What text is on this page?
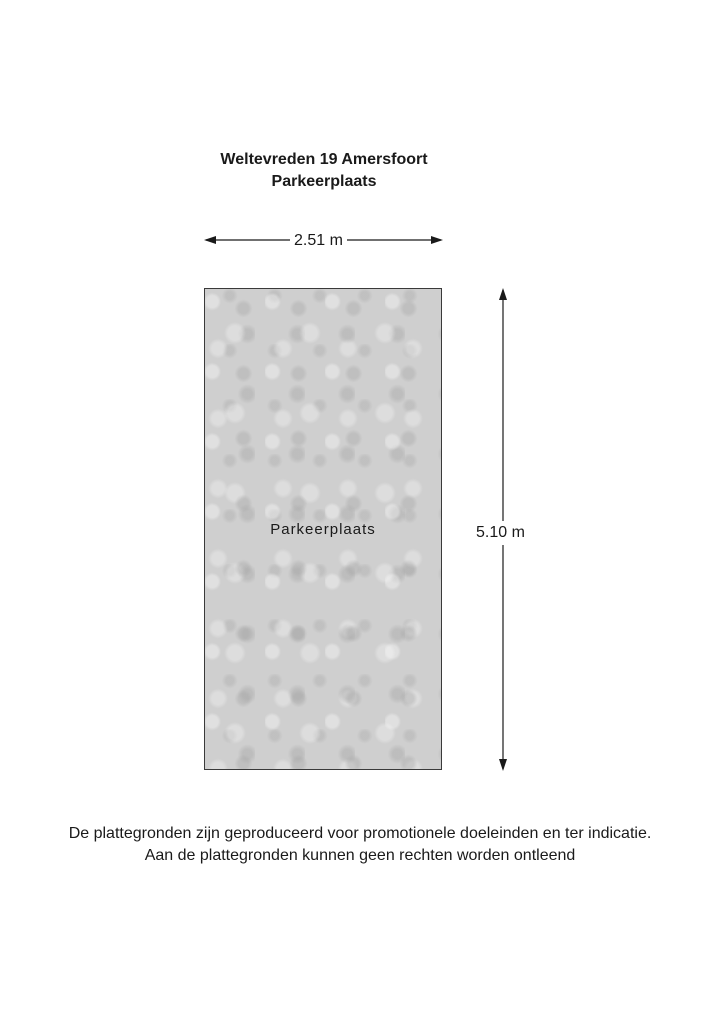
Weltevreden 19 Amersfoort
Parkeerplaats
2.51 m
5.10 m
Parkeerplaats
De plattegronden zijn geproduceerd voor promotionele doeleinden en ter indicatie.
Aan de plattegronden kunnen geen rechten worden ontleend
